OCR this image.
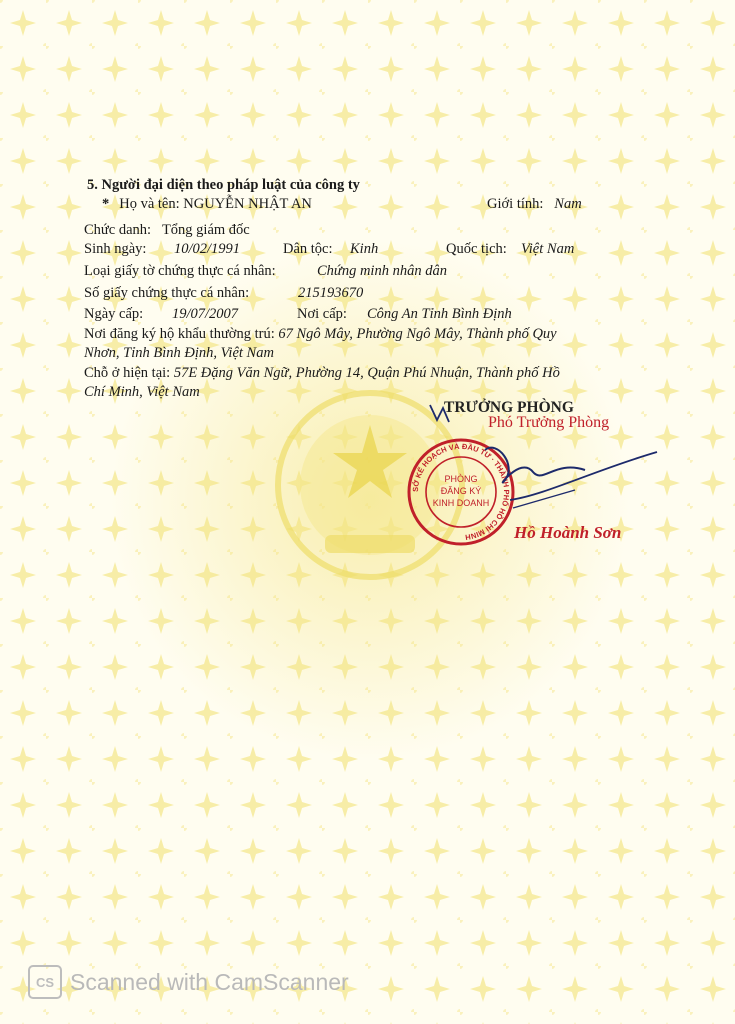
5. Người đại diện theo pháp luật của công ty
* Họ và tên: NGUYỄN NHẬT AN	Giới tính: Nam
Chức danh: Tổng giám đốc
Sinh ngày: 10/02/1991	Dân tộc: Kinh	Quốc tịch: Việt Nam
Loại giấy tờ chứng thực cá nhân:	Chứng minh nhân dân
Số giấy chứng thực cá nhân:	215193670
Ngày cấp: 19/07/2007	Nơi cấp: Công An Tỉnh Bình Định
Nơi đăng ký hộ khẩu thường trú: 67 Ngô Mây, Phường Ngô Mây, Thành phố Quy
Nhơn, Tỉnh Bình Định, Việt Nam
Chỗ ở hiện tại: 57E Đặng Văn Ngữ, Phường 14, Quận Phú Nhuận, Thành phố Hồ
Chí Minh, Việt Nam
TRƯỞNG PHÒNG
Phó Trưởng Phòng
SỞ KẾ HOẠCH VÀ ĐẦU TƯ · THÀNH PHỐ HỒ CHÍ MINH
PHÒNG
ĐĂNG KÝ
KINH DOANH
Hồ Hoành Sơn
CS Scanned with CamScanner
